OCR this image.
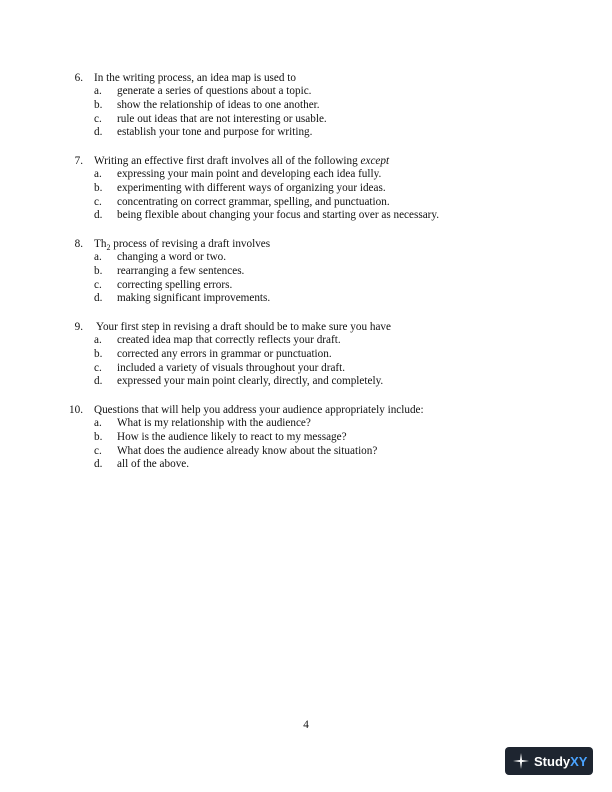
6. In the writing process, an idea map is used to
a. generate a series of questions about a topic.
b. show the relationship of ideas to one another.
c. rule out ideas that are not interesting or usable.
d. establish your tone and purpose for writing.
7. Writing an effective first draft involves all of the following except
a. expressing your main point and developing each idea fully.
b. experimenting with different ways of organizing your ideas.
c. concentrating on correct grammar, spelling, and punctuation.
d. being flexible about changing your focus and starting over as necessary.
8. $Th_2$ process of revising a draft involves
a. changing a word or two.
b. rearranging a few sentences.
c. correcting spelling errors.
d. making significant improvements.
9. Your first step in revising a draft should be to make sure you have
a. created idea map that correctly reflects your draft.
b. corrected any errors in grammar or punctuation.
c. included a variety of visuals throughout your draft.
d. expressed your main point clearly, directly, and completely.
10. Questions that will help you address your audience appropriately include:
a. What is my relationship with the audience?
b. How is the audience likely to react to my message?
c. What does the audience already know about the situation?
d. all of the above.
4
StudyXY
